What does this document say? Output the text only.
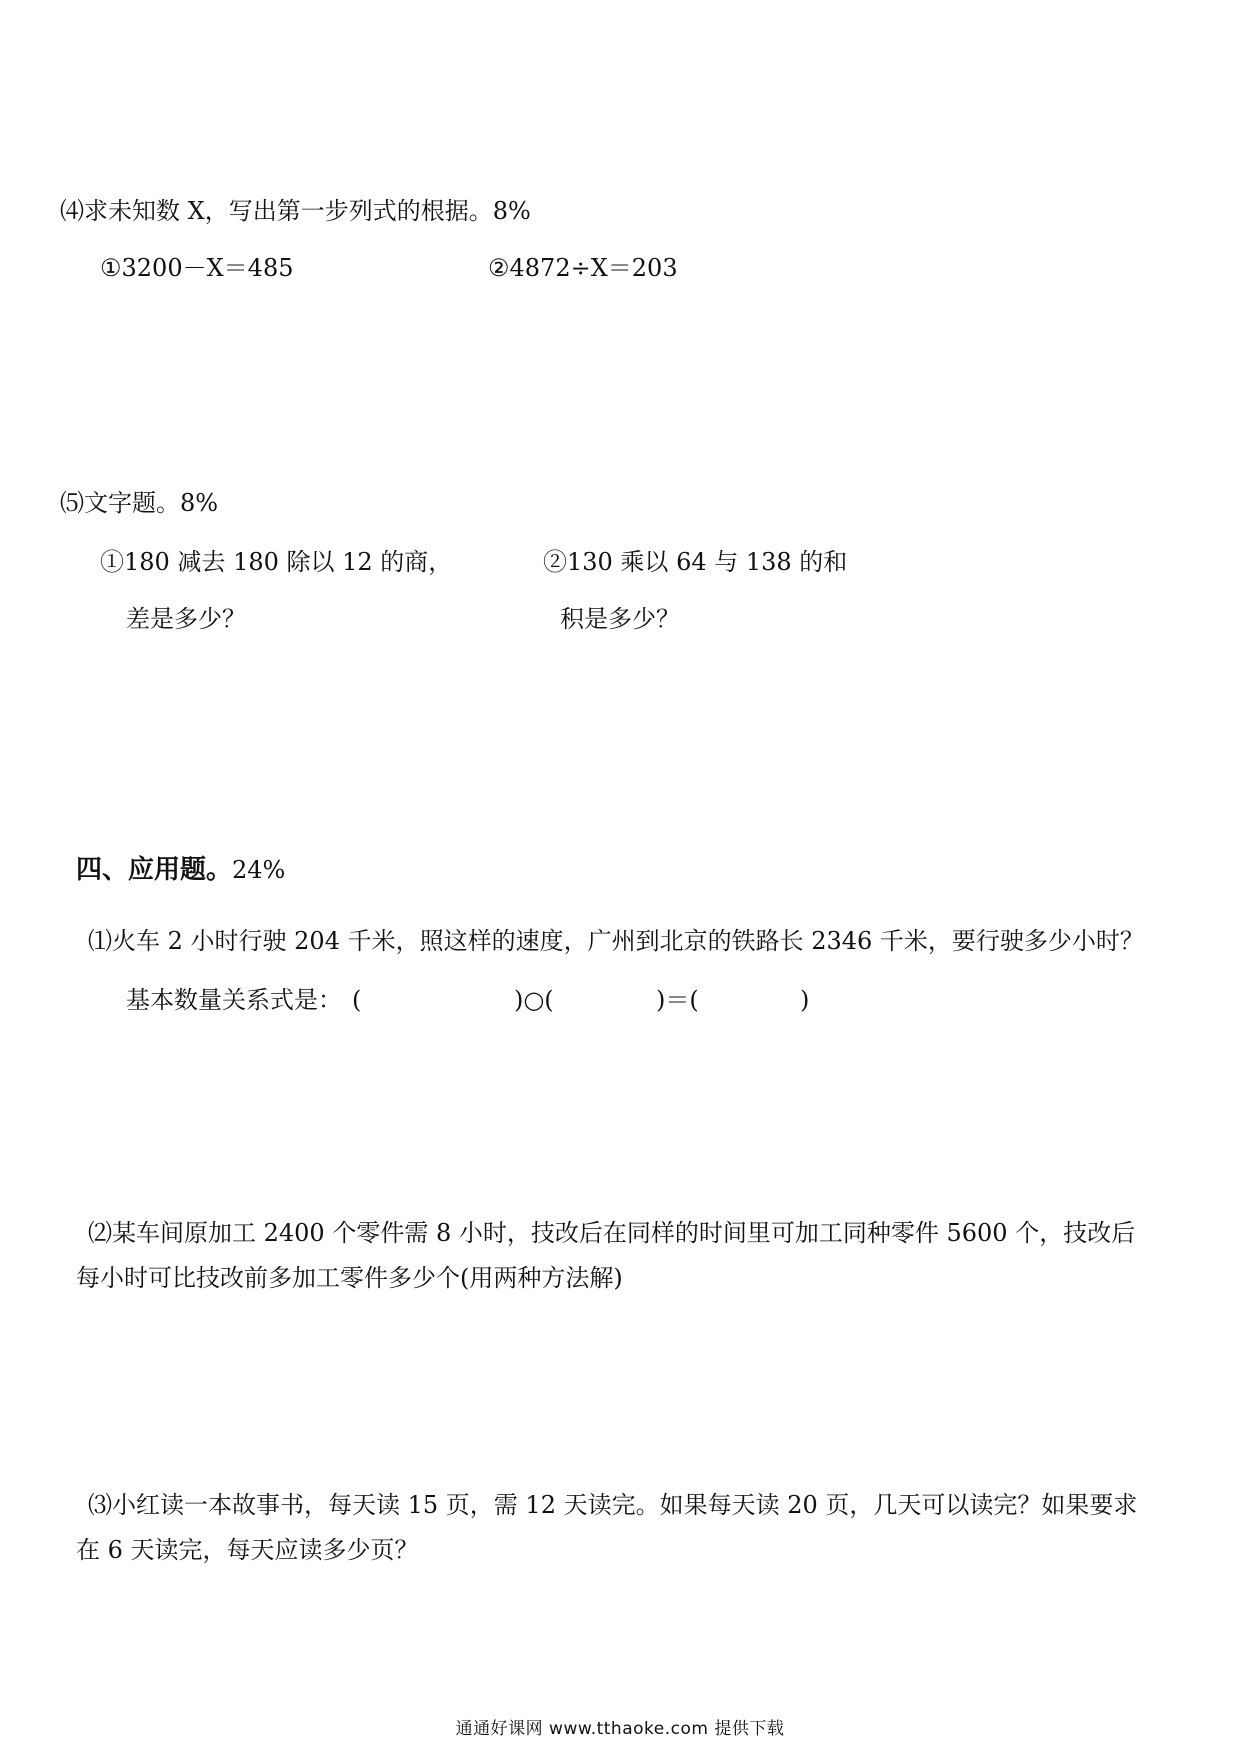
⑷求未知数 X，写出第一步列式的根据。8%
①3200－X＝485	②4872÷X＝203
⑸文字题。8%
①180 减去 180 除以 12 的商，
差是多少？
②130 乘以 64 与 138 的和
积是多少？
四、应用题。24%
⑴火车 2 小时行驶 204 千米，照这样的速度，广州到北京的铁路长 2346 千米，要行驶多少小时？
基本数量关系式是： (	)○(	)＝(	)
⑵某车间原加工 2400 个零件需 8 小时，技改后在同样的时间里可加工同种零件 5600 个，技改后
每小时可比技改前多加工零件多少个(用两种方法解)
⑶小红读一本故事书，每天读 15 页，需 12 天读完。如果每天读 20 页，几天可以读完？如果要求
在 6 天读完，每天应读多少页？
通通好课网 www.tthaoke.com 提供下载
